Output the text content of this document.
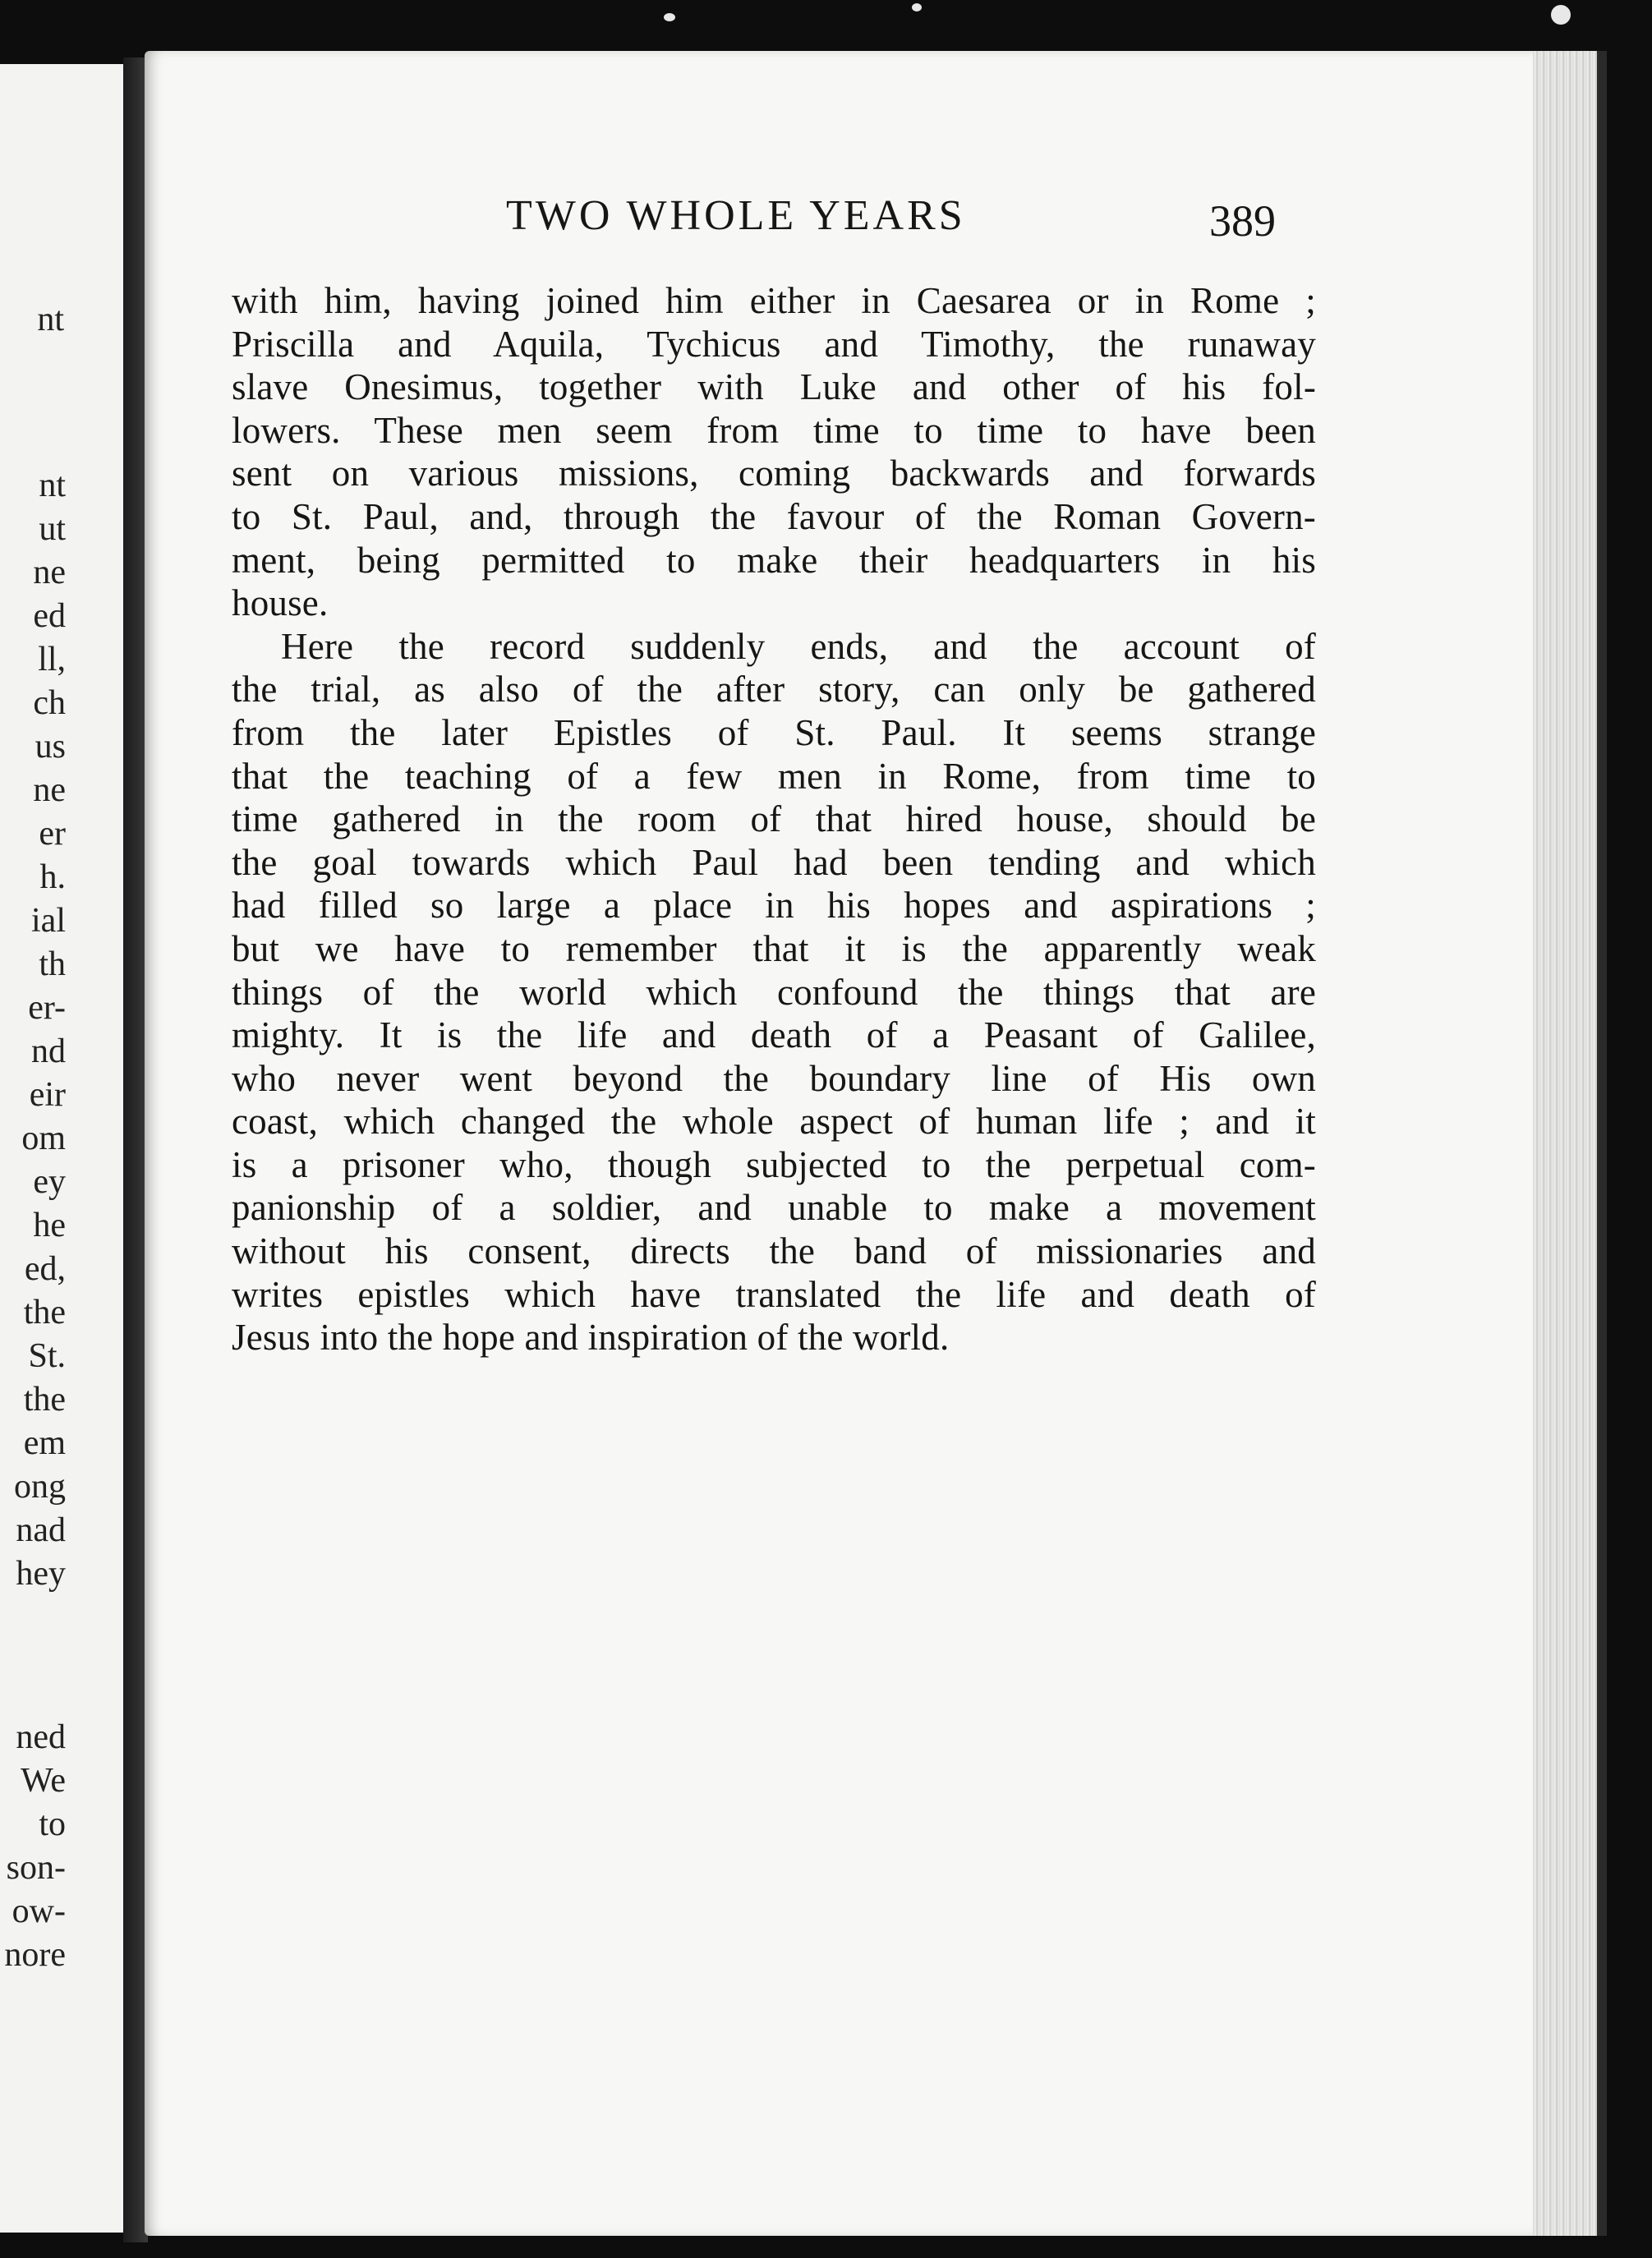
nt
nt
ut
ne
ed
ll,
ch
us
ne
er
h.
ial
th
er-
nd
eir
om
ey
he
ed,
the
St.
the
em
ong
nad
hey
ned
We
to
son-
ow-
nore
TWO WHOLE YEARS	389
with him, having joined him either in Caesarea or in Rome ;
Priscilla and Aquila, Tychicus and Timothy, the runaway
slave Onesimus, together with Luke and other of his fol-
lowers. These men seem from time to time to have been
sent on various missions, coming backwards and forwards
to St. Paul, and, through the favour of the Roman Govern-
ment, being permitted to make their headquarters in his
house.
Here the record suddenly ends, and the account of
the trial, as also of the after story, can only be gathered
from the later Epistles of St. Paul. It seems strange
that the teaching of a few men in Rome, from time to
time gathered in the room of that hired house, should be
the goal towards which Paul had been tending and which
had filled so large a place in his hopes and aspirations ;
but we have to remember that it is the apparently weak
things of the world which confound the things that are
mighty. It is the life and death of a Peasant of Galilee,
who never went beyond the boundary line of His own
coast, which changed the whole aspect of human life ; and it
is a prisoner who, though subjected to the perpetual com-
panionship of a soldier, and unable to make a movement
without his consent, directs the band of missionaries and
writes epistles which have translated the life and death of
Jesus into the hope and inspiration of the world.
